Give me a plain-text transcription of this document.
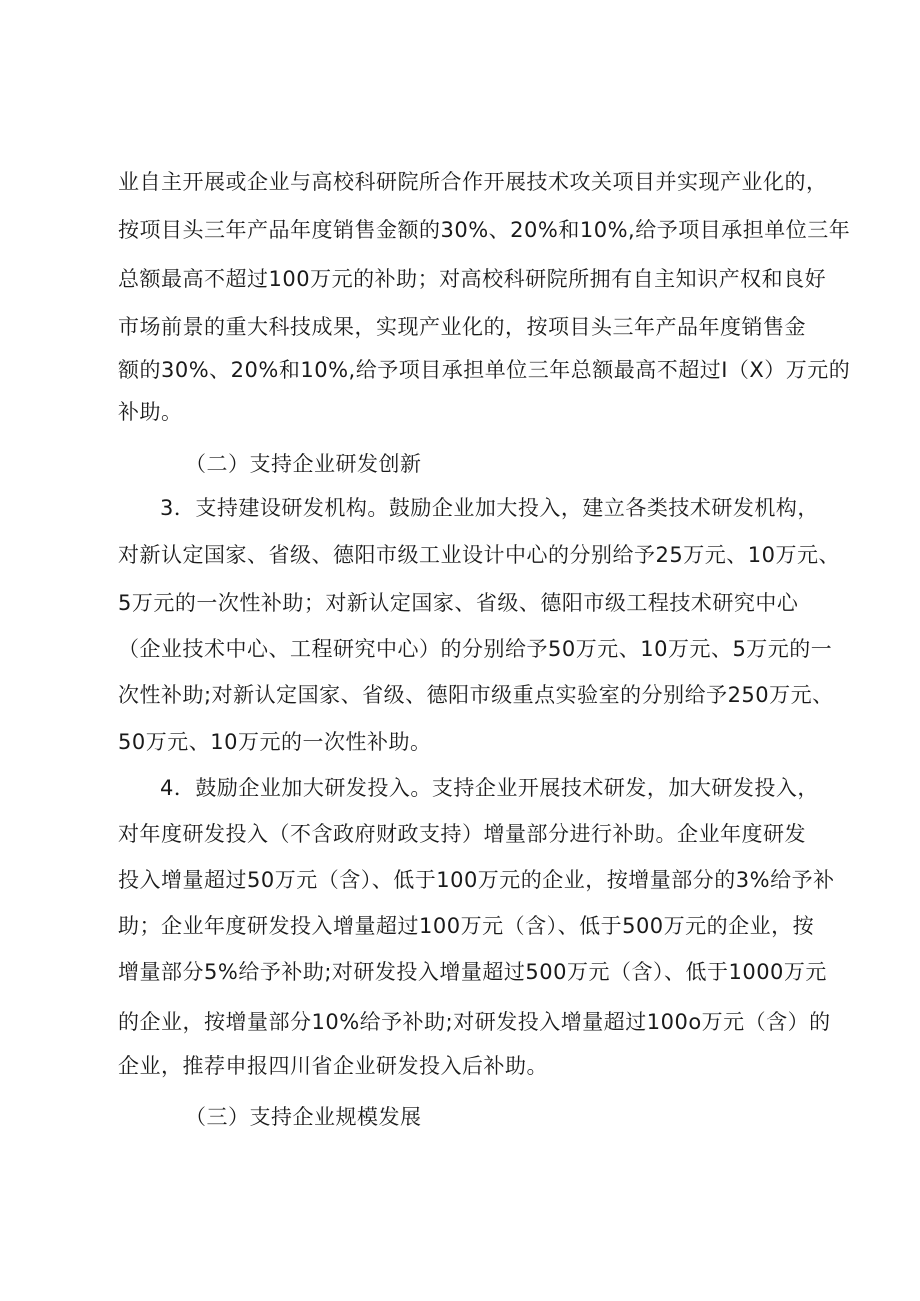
业自主开展或企业与高校科研院所合作开展技术攻关项目并实现产业化的，
按项目头三年产品年度销售金额的30%、20%和10%,给予项目承担单位三年
总额最高不超过100万元的补助；对高校科研院所拥有自主知识产权和良好
市场前景的重大科技成果，实现产业化的，按项目头三年产品年度销售金
额的30%、20%和10%,给予项目承担单位三年总额最高不超过I（X）万元的
补助。
（二）支持企业研发创新
3．支持建设研发机构。鼓励企业加大投入，建立各类技术研发机构，
对新认定国家、省级、德阳市级工业设计中心的分别给予25万元、10万元、
5万元的一次性补助；对新认定国家、省级、德阳市级工程技术研究中心
（企业技术中心、工程研究中心）的分别给予50万元、10万元、5万元的一
次性补助;对新认定国家、省级、德阳市级重点实验室的分别给予250万元、
50万元、10万元的一次性补助。
4．鼓励企业加大研发投入。支持企业开展技术研发，加大研发投入，
对年度研发投入（不含政府财政支持）增量部分进行补助。企业年度研发
投入增量超过50万元（含）、低于100万元的企业，按增量部分的3%给予补
助；企业年度研发投入增量超过100万元（含）、低于500万元的企业，按
增量部分5%给予补助;对研发投入增量超过500万元（含）、低于1000万元
的企业，按增量部分10%给予补助;对研发投入增量超过100o万元（含）的
企业，推荐申报四川省企业研发投入后补助。
（三）支持企业规模发展
